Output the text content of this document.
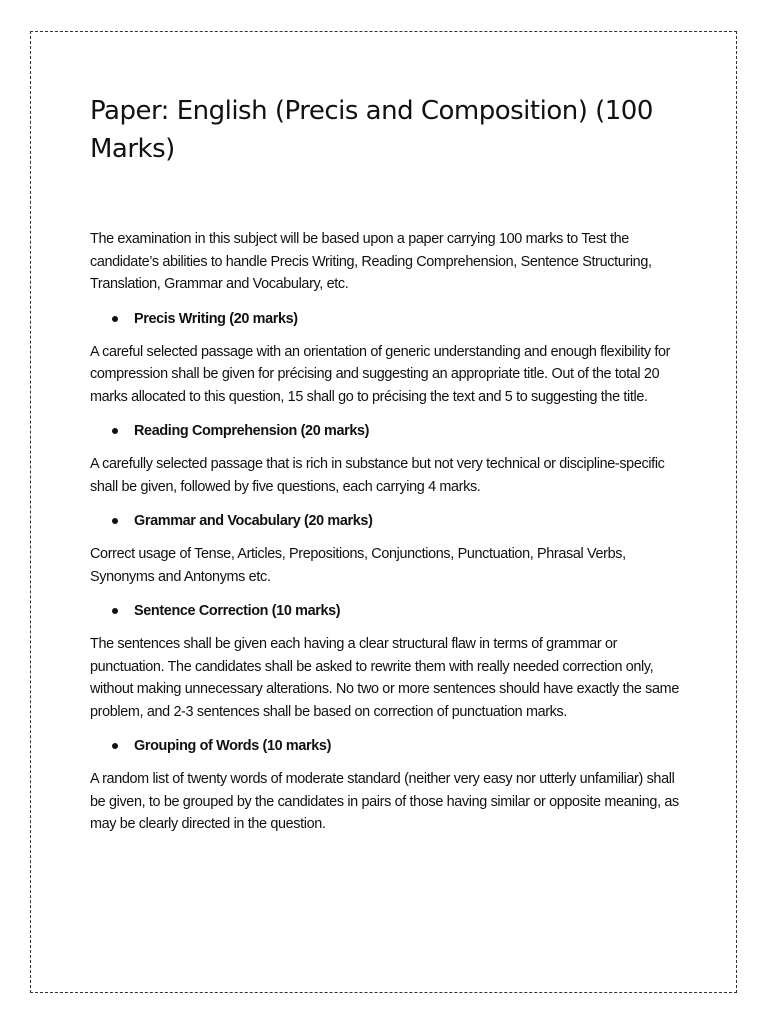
Paper: English (Precis and Composition) (100 Marks)

The examination in this subject will be based upon a paper carrying 100 marks to Test the candidate’s abilities to handle Precis Writing, Reading Comprehension, Sentence Structuring, Translation, Grammar and Vocabulary, etc.

Precis Writing (20 marks)

A careful selected passage with an orientation of generic understanding and enough flexibility for compression shall be given for précising and suggesting an appropriate title. Out of the total 20 marks allocated to this question, 15 shall go to précising the text and 5 to suggesting the title.

Reading Comprehension (20 marks)

A carefully selected passage that is rich in substance but not very technical or discipline-specific shall be given, followed by five questions, each carrying 4 marks.

Grammar and Vocabulary (20 marks)

Correct usage of Tense, Articles, Prepositions, Conjunctions, Punctuation, Phrasal Verbs, Synonyms and Antonyms etc.

Sentence Correction (10 marks)

The sentences shall be given each having a clear structural flaw in terms of grammar or punctuation. The candidates shall be asked to rewrite them with really needed correction only, without making unnecessary alterations. No two or more sentences should have exactly the same problem, and 2-3 sentences shall be based on correction of punctuation marks.

Grouping of Words (10 marks)

A random list of twenty words of moderate standard (neither very easy nor utterly unfamiliar) shall be given, to be grouped by the candidates in pairs of those having similar or opposite meaning, as may be clearly directed in the question.
